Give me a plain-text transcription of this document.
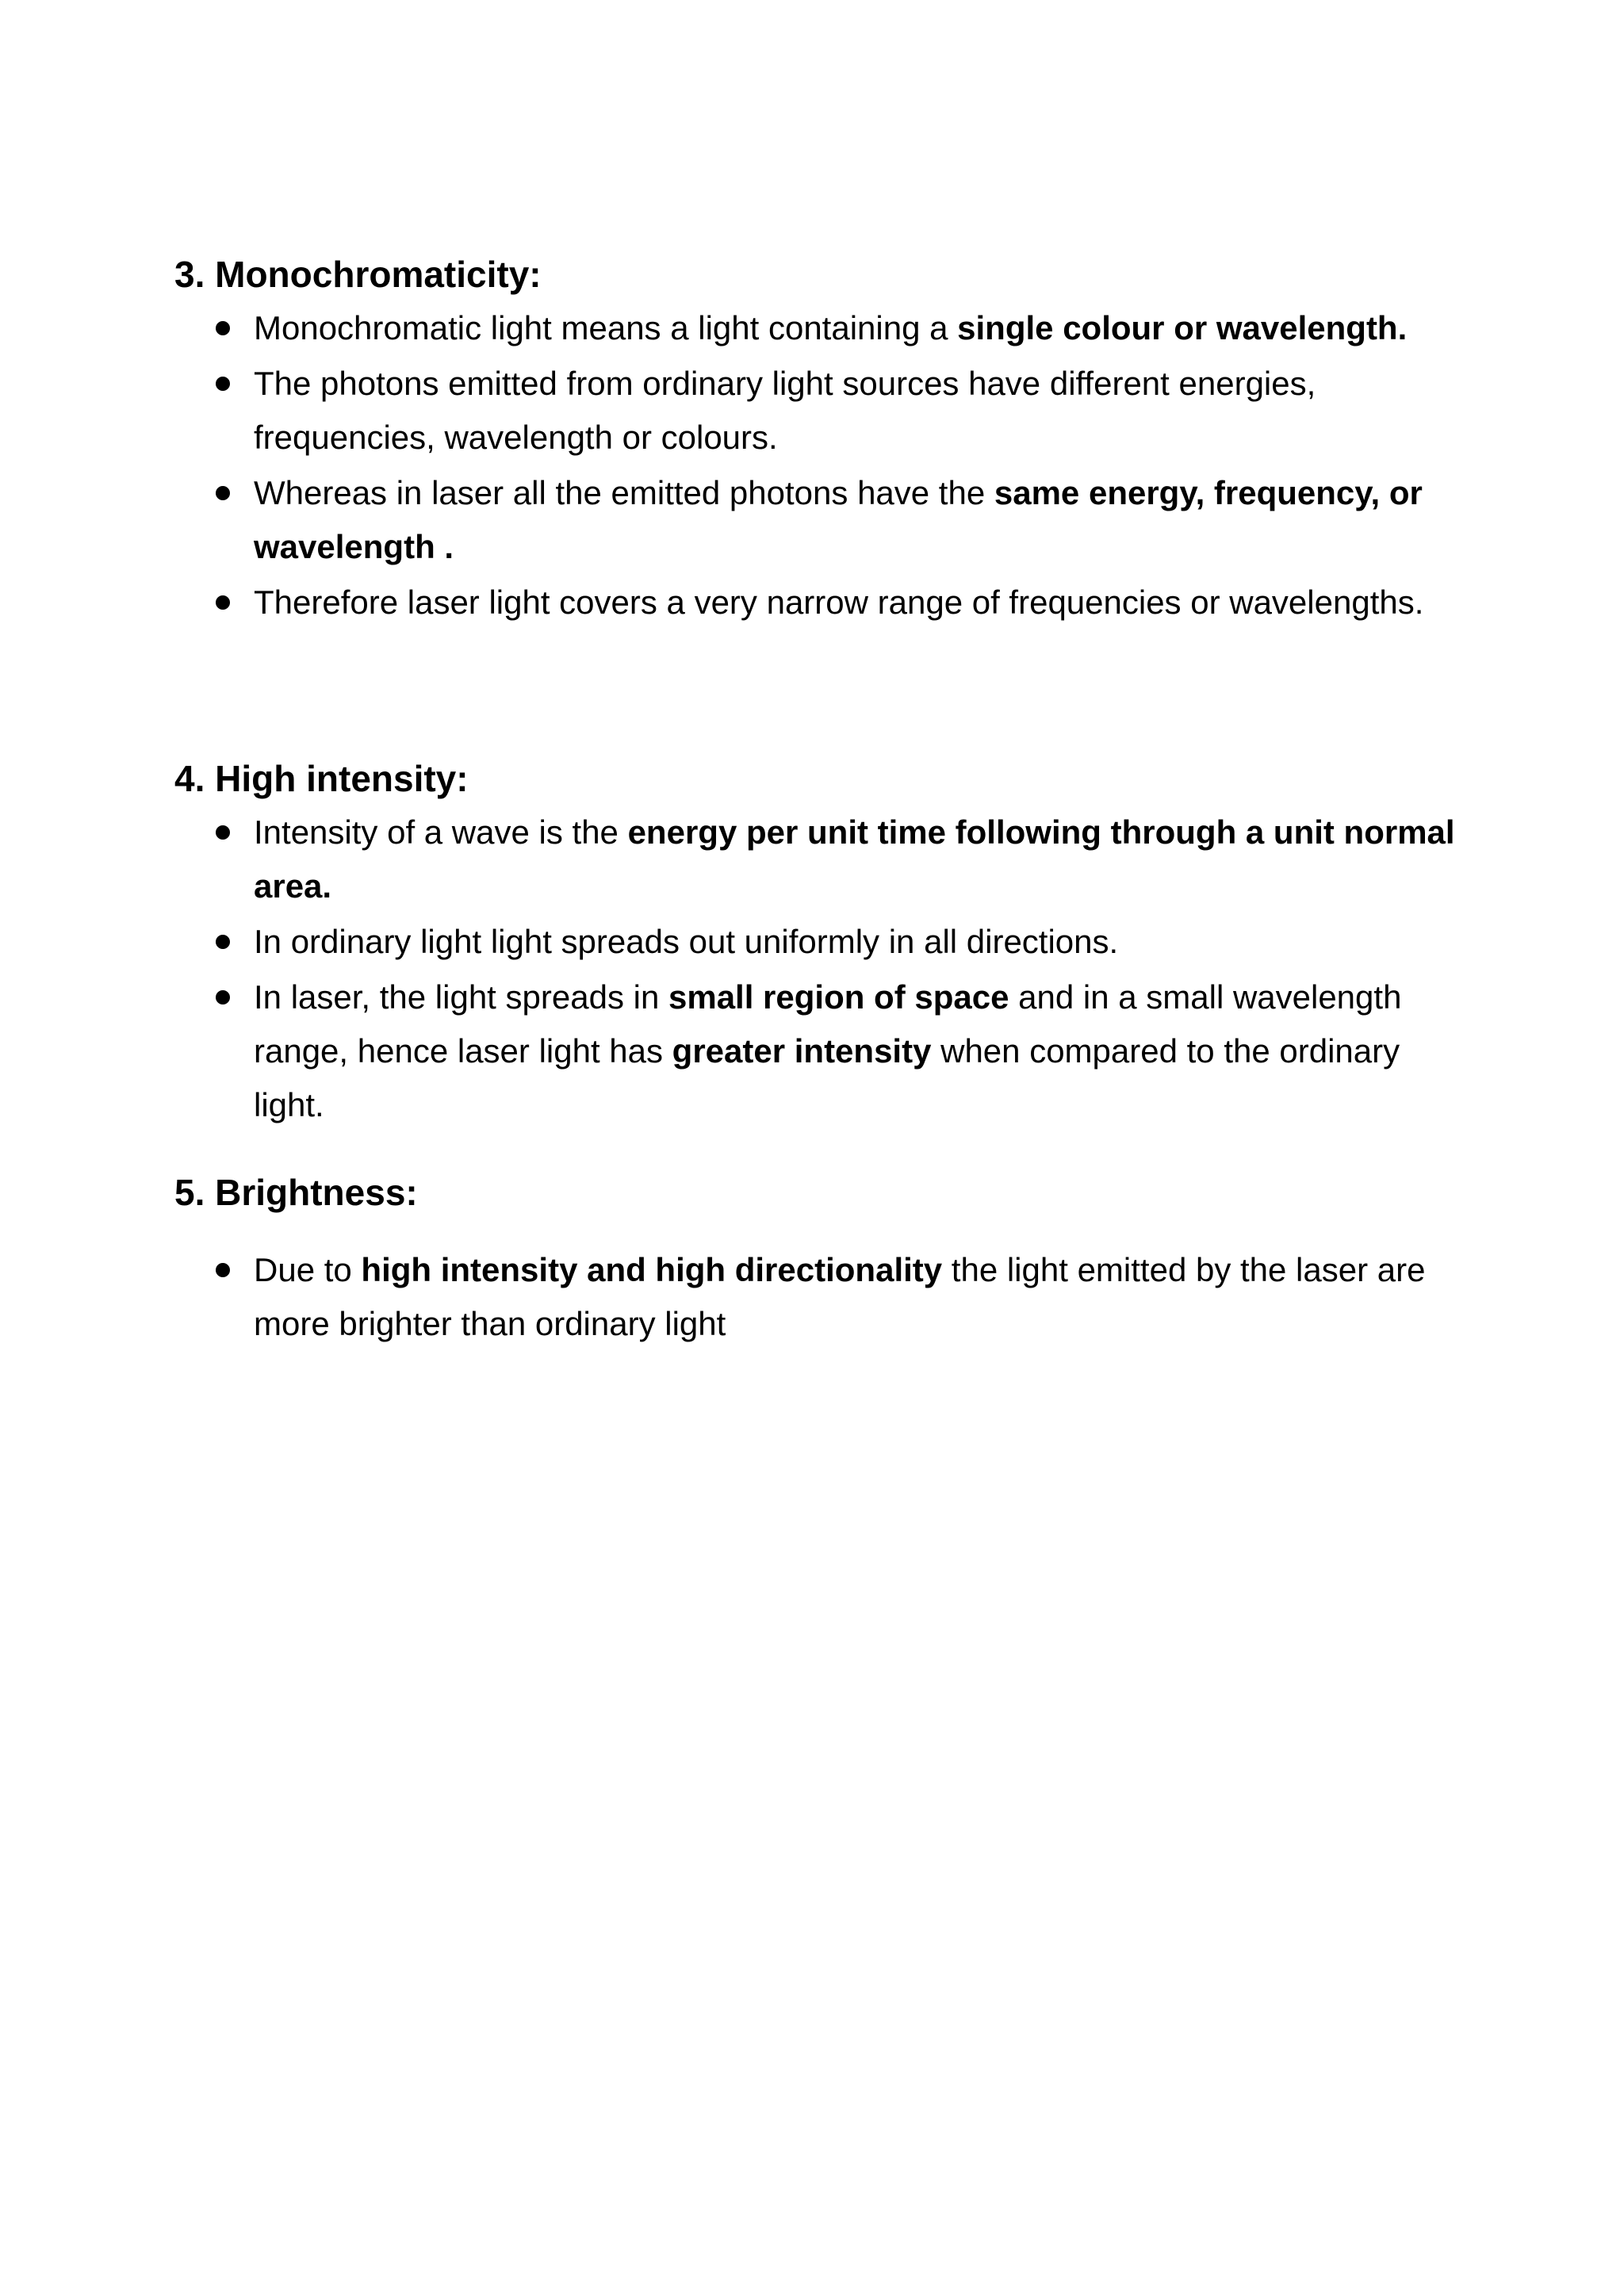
3. Monochromaticity:
Monochromatic light means a light containing a single colour or wavelength.
The photons emitted from ordinary light sources have different energies, frequencies, wavelength or colours.
Whereas in laser all the emitted photons have the same energy, frequency, or wavelength .
Therefore laser light covers a very narrow range of frequencies or wavelengths.
4. High intensity:
Intensity of a wave is the energy per unit time following through a unit normal area.
In ordinary light light spreads out uniformly in all directions.
In laser, the light spreads in small region of space and in a small wavelength range, hence laser light has greater intensity when compared to the ordinary light.
5. Brightness:
Due to high intensity and high directionality the light emitted by the laser are more brighter than ordinary light
